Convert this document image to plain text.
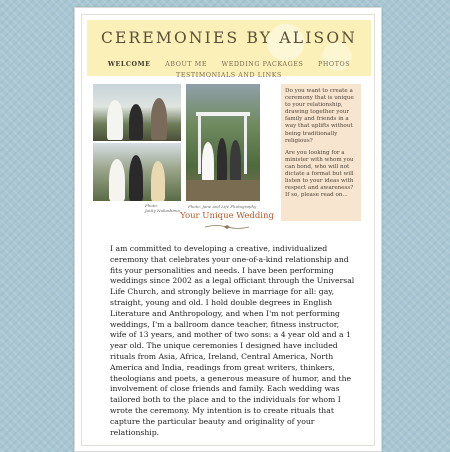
CEREMONIES BY ALISON
WELCOME ABOUT ME WEDDING PACKAGES PHOTOS
TESTIMONIALS AND LINKS
Photo:
Jacky Nakashima
Photo: Jane and Life Photography

Do you want to create a ceremony that is unique to your relationship, drawing together your family and friends in a way that uplifts without being traditionally religious?

Are you looking for a minister with whom you can bond, who will not dictate a format but will listen to your ideas with respect and awareness? If so, please read on...

Your Unique Wedding

I am committed to developing a creative, individualized ceremony that celebrates your one-of-a-kind relationship and fits your personalities and needs. I have been performing weddings since 2002 as a legal officiant through the Universal Life Church, and strongly believe in marriage for all: gay, straight, young and old. I hold double degrees in English Literature and Anthropology, and when I'm not performing weddings, I'm a ballroom dance teacher, fitness instructor, wife of 13 years, and mother of two sons: a 4 year old and a 1 year old. The unique ceremonies I designed have included rituals from Asia, Africa, Ireland, Central America, North America and India, readings from great writers, thinkers, theologians and poets, a generous measure of humor, and the involvement of close friends and family. Each wedding was tailored both to the place and to the individuals for whom I wrote the ceremony. My intention is to create rituals that capture the particular beauty and originality of your relationship.
